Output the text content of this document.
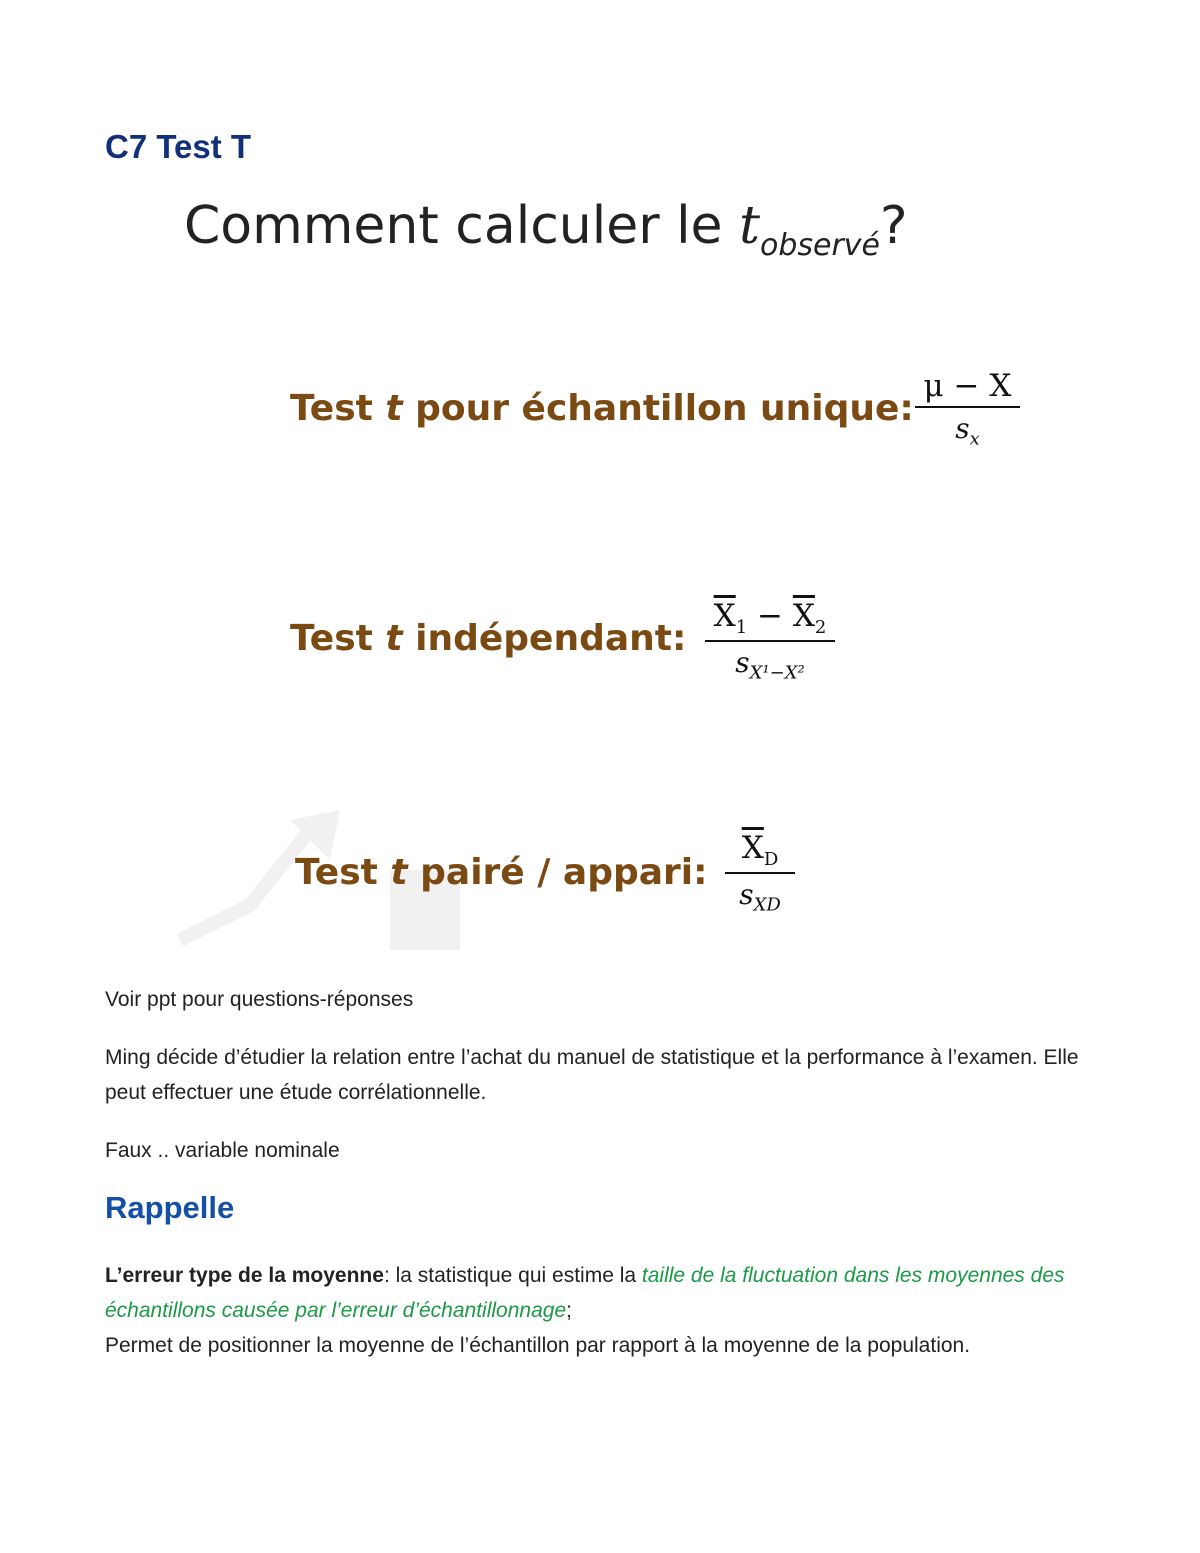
C7 Test T
Comment calculer le $t_{observé}$?
Test t pour échantillon unique:
μ − X
$s_x$
Test t indépendant:
$\overline{X}_1 - \overline{X}_2$
$s_{X^1-X^2}$
Test t pairé / appari:
$\overline{X}_D$
$s_{XD}$
Voir ppt pour questions-réponses
Ming décide d’étudier la relation entre l’achat du manuel de statistique et la performance à l’examen. Elle peut effectuer une étude corrélationnelle.
Faux .. variable nominale
Rappelle
L’erreur type de la moyenne: la statistique qui estime la taille de la fluctuation dans les moyennes des échantillons causée par l’erreur d’échantillonnage;
Permet de positionner la moyenne de l’échantillon par rapport à la moyenne de la population.
